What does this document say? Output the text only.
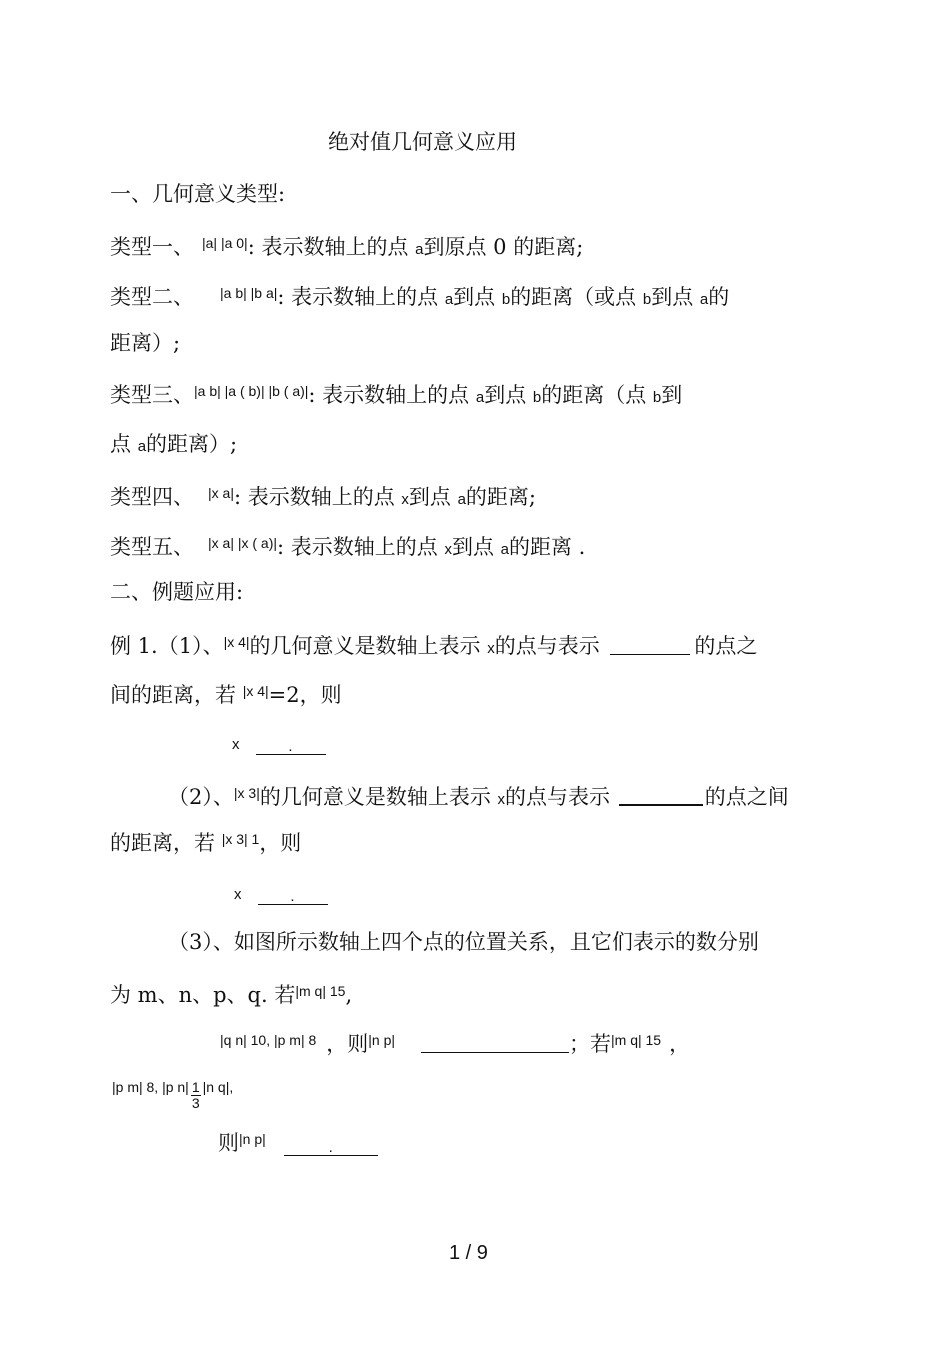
绝对值几何意义应用
一、几何意义类型:
类型一、 $^{|a| |a 0|}$: 表示数轴上的点 a到原点 0 的距离;
类型二、 $^{|a b| |b a|}$: 表示数轴上的点 a到点 b的距离（或点 b到点 a的
距离）;
类型三、$^{|a b| |a ( b)| |b ( a)|}$: 表示数轴上的点 a到点 b的距离（点 b到
点 a的距离）;
类型四、 $^{|x a|}$: 表示数轴上的点 x到点 a的距离;
类型五、 $^{|x a| |x ( a)|}$: 表示数轴上的点 x到点 a的距离 .
二、例题应用:
例 1.（1）、$^{|x 4|}$的几何意义是数轴上表示 x的点与表示	的点之
间的距离，若 $^{|x 4|}$=2，则
x	.
（2）、$^{|x 3|}$的几何意义是数轴上表示 x的点与表示	的点之间
的距离，若 $^{|x 3| 1}$，则
x	.
（3）、如图所示数轴上四个点的位置关系，且它们表示的数分别
为 m、n、p、q. 若$^{|m q| 15}$,
$^{|q n| 10, |p m| 8}$ ，则$^{|n p|}$	；若$^{|m q| 15}$ ，
$^{|p m| 8, |p n|} \frac{1}{3} ^{|n q|,}$
则$^{|n p|}$	.
1 / 9
